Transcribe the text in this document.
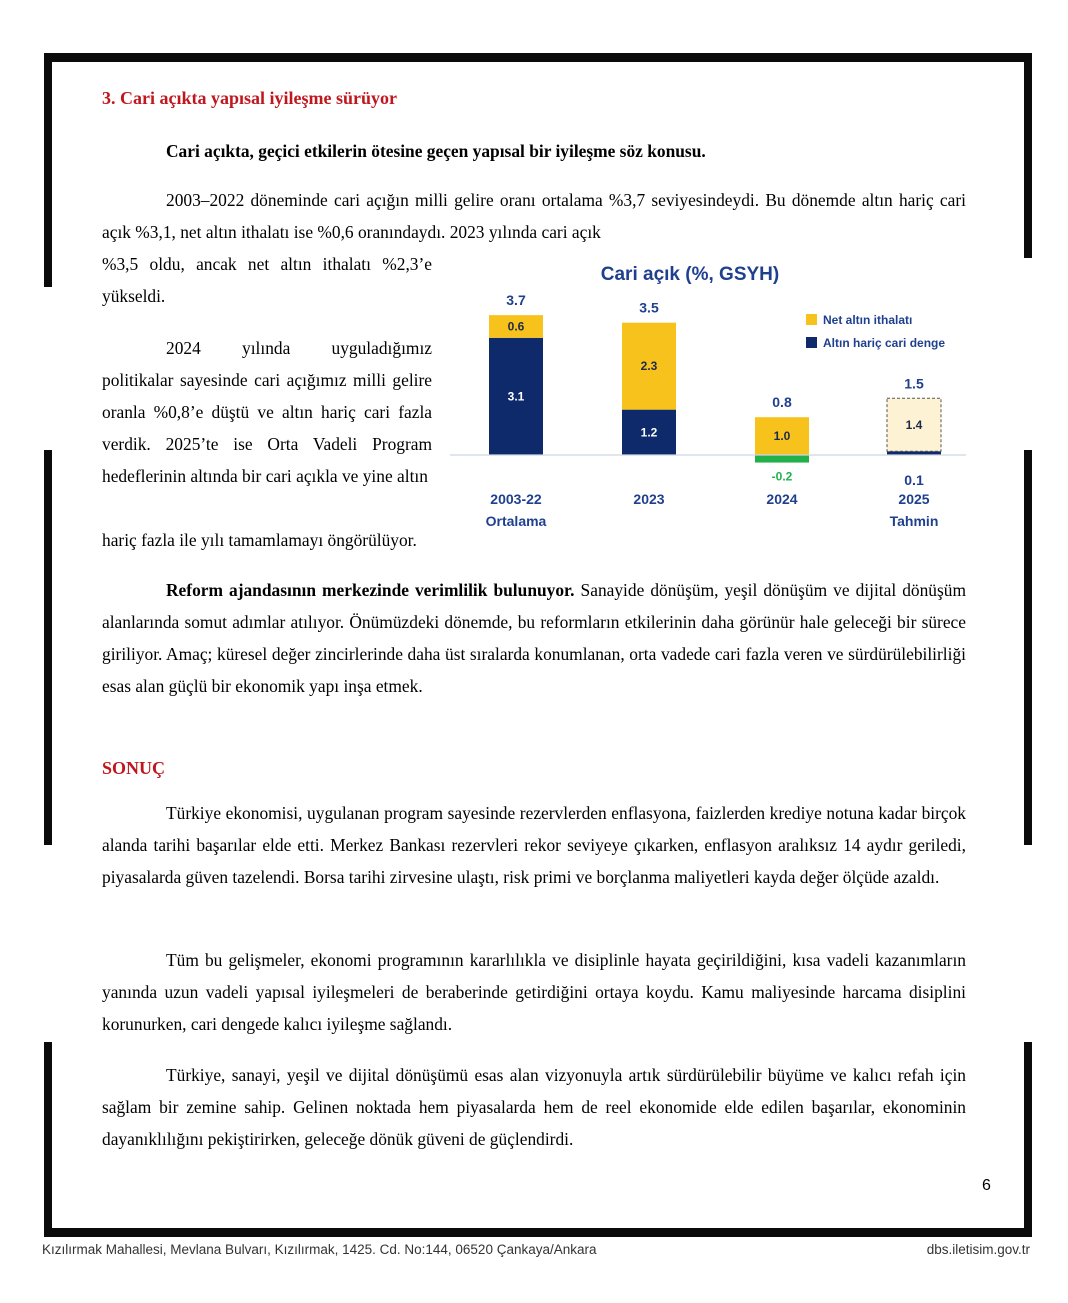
3. Cari açıkta yapısal iyileşme sürüyor

Cari açıkta, geçici etkilerin ötesine geçen yapısal bir iyileşme söz konusu.

2003–2022 döneminde cari açığın milli gelire oranı ortalama %3,7 seviyesindeydi. Bu dönemde altın hariç cari açık %3,1, net altın ithalatı ise %0,6 oranındaydı. 2023 yılında cari açık

%3,5 oldu, ancak net altın ithalatı %2,3’e yükseldi.

2024 yılında uyguladığımız politikalar sayesinde cari açığımız milli gelire oranla %0,8’e düştü ve altın hariç cari fazla verdik. 2025’te ise Orta Vadeli Program hedeflerinin altında bir cari açıkla ve yine altın

hariç fazla ile yılı tamamlamayı öngörülüyor.

Cari açık (%, GSYH)
Net altın ithalatı
Altın hariç cari denge
3.1
0.6
3.7
2003-22
Ortalama
1.2
2.3
3.5
2023
-0.2
1.0
0.8
2024
1.4
1.5
0.1
2025
Tahmin

Reform ajandasının merkezinde verimlilik bulunuyor. Sanayide dönüşüm, yeşil dönüşüm ve dijital dönüşüm alanlarında somut adımlar atılıyor. Önümüzdeki dönemde, bu reformların etkilerinin daha görünür hale geleceği bir sürece giriliyor. Amaç; küresel değer zincirlerinde daha üst sıralarda konumlanan, orta vadede cari fazla veren ve sürdürülebilirliği esas alan güçlü bir ekonomik yapı inşa etmek.

SONUÇ

Türkiye ekonomisi, uygulanan program sayesinde rezervlerden enflasyona, faizlerden krediye notuna kadar birçok alanda tarihi başarılar elde etti. Merkez Bankası rezervleri rekor seviyeye çıkarken, enflasyon aralıksız 14 aydır geriledi, piyasalarda güven tazelendi. Borsa tarihi zirvesine ulaştı, risk primi ve borçlanma maliyetleri kayda değer ölçüde azaldı.

Tüm bu gelişmeler, ekonomi programının kararlılıkla ve disiplinle hayata geçirildiğini, kısa vadeli kazanımların yanında uzun vadeli yapısal iyileşmeleri de beraberinde getirdiğini ortaya koydu. Kamu maliyesinde harcama disiplini korunurken, cari dengede kalıcı iyileşme sağlandı.

Türkiye, sanayi, yeşil ve dijital dönüşümü esas alan vizyonuyla artık sürdürülebilir büyüme ve kalıcı refah için sağlam bir zemine sahip. Gelinen noktada hem piyasalarda hem de reel ekonomide elde edilen başarılar, ekonominin dayanıklılığını pekiştirirken, geleceğe dönük güveni de güçlendirdi.

6
Kızılırmak Mahallesi, Mevlana Bulvarı, Kızılırmak, 1425. Cd. No:144, 06520 Çankaya/Ankara	dbs.iletisim.gov.tr
